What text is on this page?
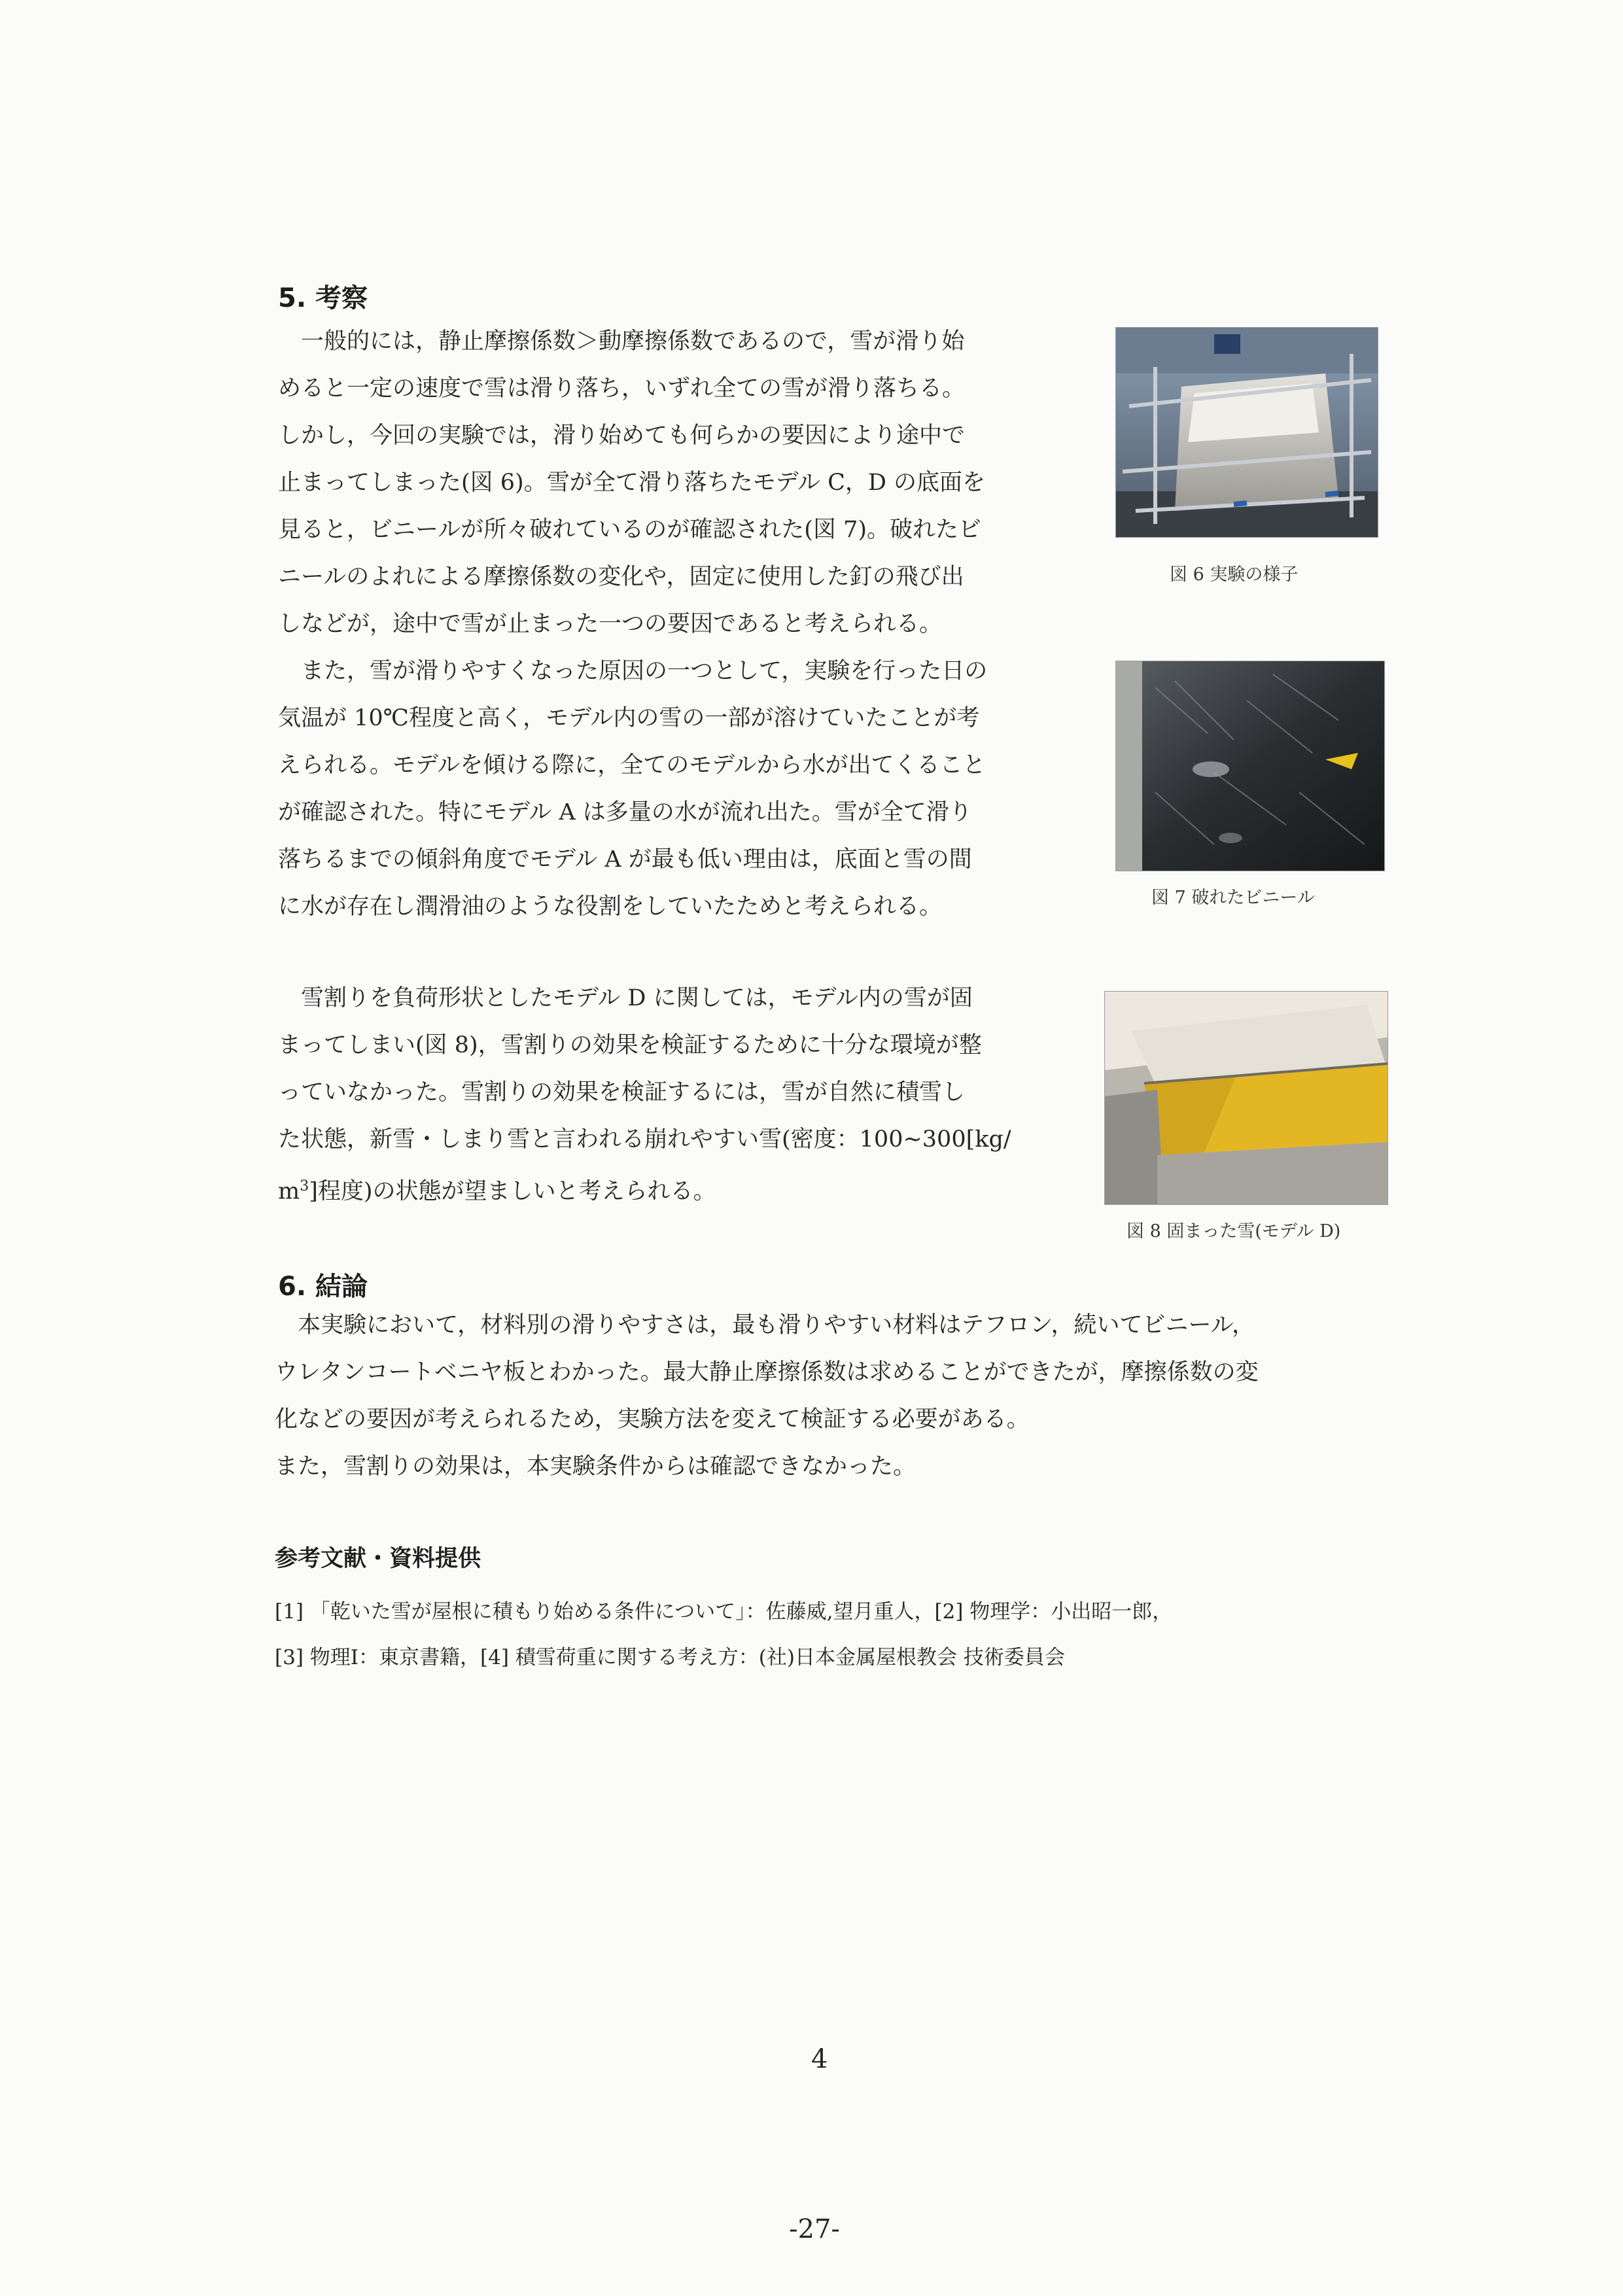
5. 考察
　一般的には，静止摩擦係数＞動摩擦係数であるので，雪が滑り始
めると一定の速度で雪は滑り落ち，いずれ全ての雪が滑り落ちる。
しかし，今回の実験では，滑り始めても何らかの要因により途中で
止まってしまった(図 6)。雪が全て滑り落ちたモデル C，D の底面を
見ると，ビニールが所々破れているのが確認された(図 7)。破れたビ
ニールのよれによる摩擦係数の変化や，固定に使用した釘の飛び出
しなどが，途中で雪が止まった一つの要因であると考えられる。
　また，雪が滑りやすくなった原因の一つとして，実験を行った日の
気温が 10℃程度と高く，モデル内の雪の一部が溶けていたことが考
えられる。モデルを傾ける際に，全てのモデルから水が出てくること
が確認された。特にモデル A は多量の水が流れ出た。雪が全て滑り
落ちるまでの傾斜角度でモデル A が最も低い理由は，底面と雪の間
に水が存在し潤滑油のような役割をしていたためと考えられる。
　雪割りを負荷形状としたモデル D に関しては，モデル内の雪が固
まってしまい(図 8)，雪割りの効果を検証するために十分な環境が整
っていなかった。雪割りの効果を検証するには，雪が自然に積雪し
た状態，新雪・しまり雪と言われる崩れやすい雪(密度：100~300[kg/
$m^3$]程度)の状態が望ましいと考えられる。
図 6 実験の様子
図 7 破れたビニール
図 8 固まった雪(モデル D)
6. 結論
　本実験において，材料別の滑りやすさは，最も滑りやすい材料はテフロン，続いてビニール，
ウレタンコートベニヤ板とわかった。最大静止摩擦係数は求めることができたが，摩擦係数の変
化などの要因が考えられるため，実験方法を変えて検証する必要がある。
また，雪割りの効果は，本実験条件からは確認できなかった。
参考文献・資料提供
[1] 「乾いた雪が屋根に積もり始める条件について」：佐藤威,望月重人，[2] 物理学：小出昭一郎，
[3] 物理Ⅰ：東京書籍，[4] 積雪荷重に関する考え方：(社)日本金属屋根教会 技術委員会
4
-27-
